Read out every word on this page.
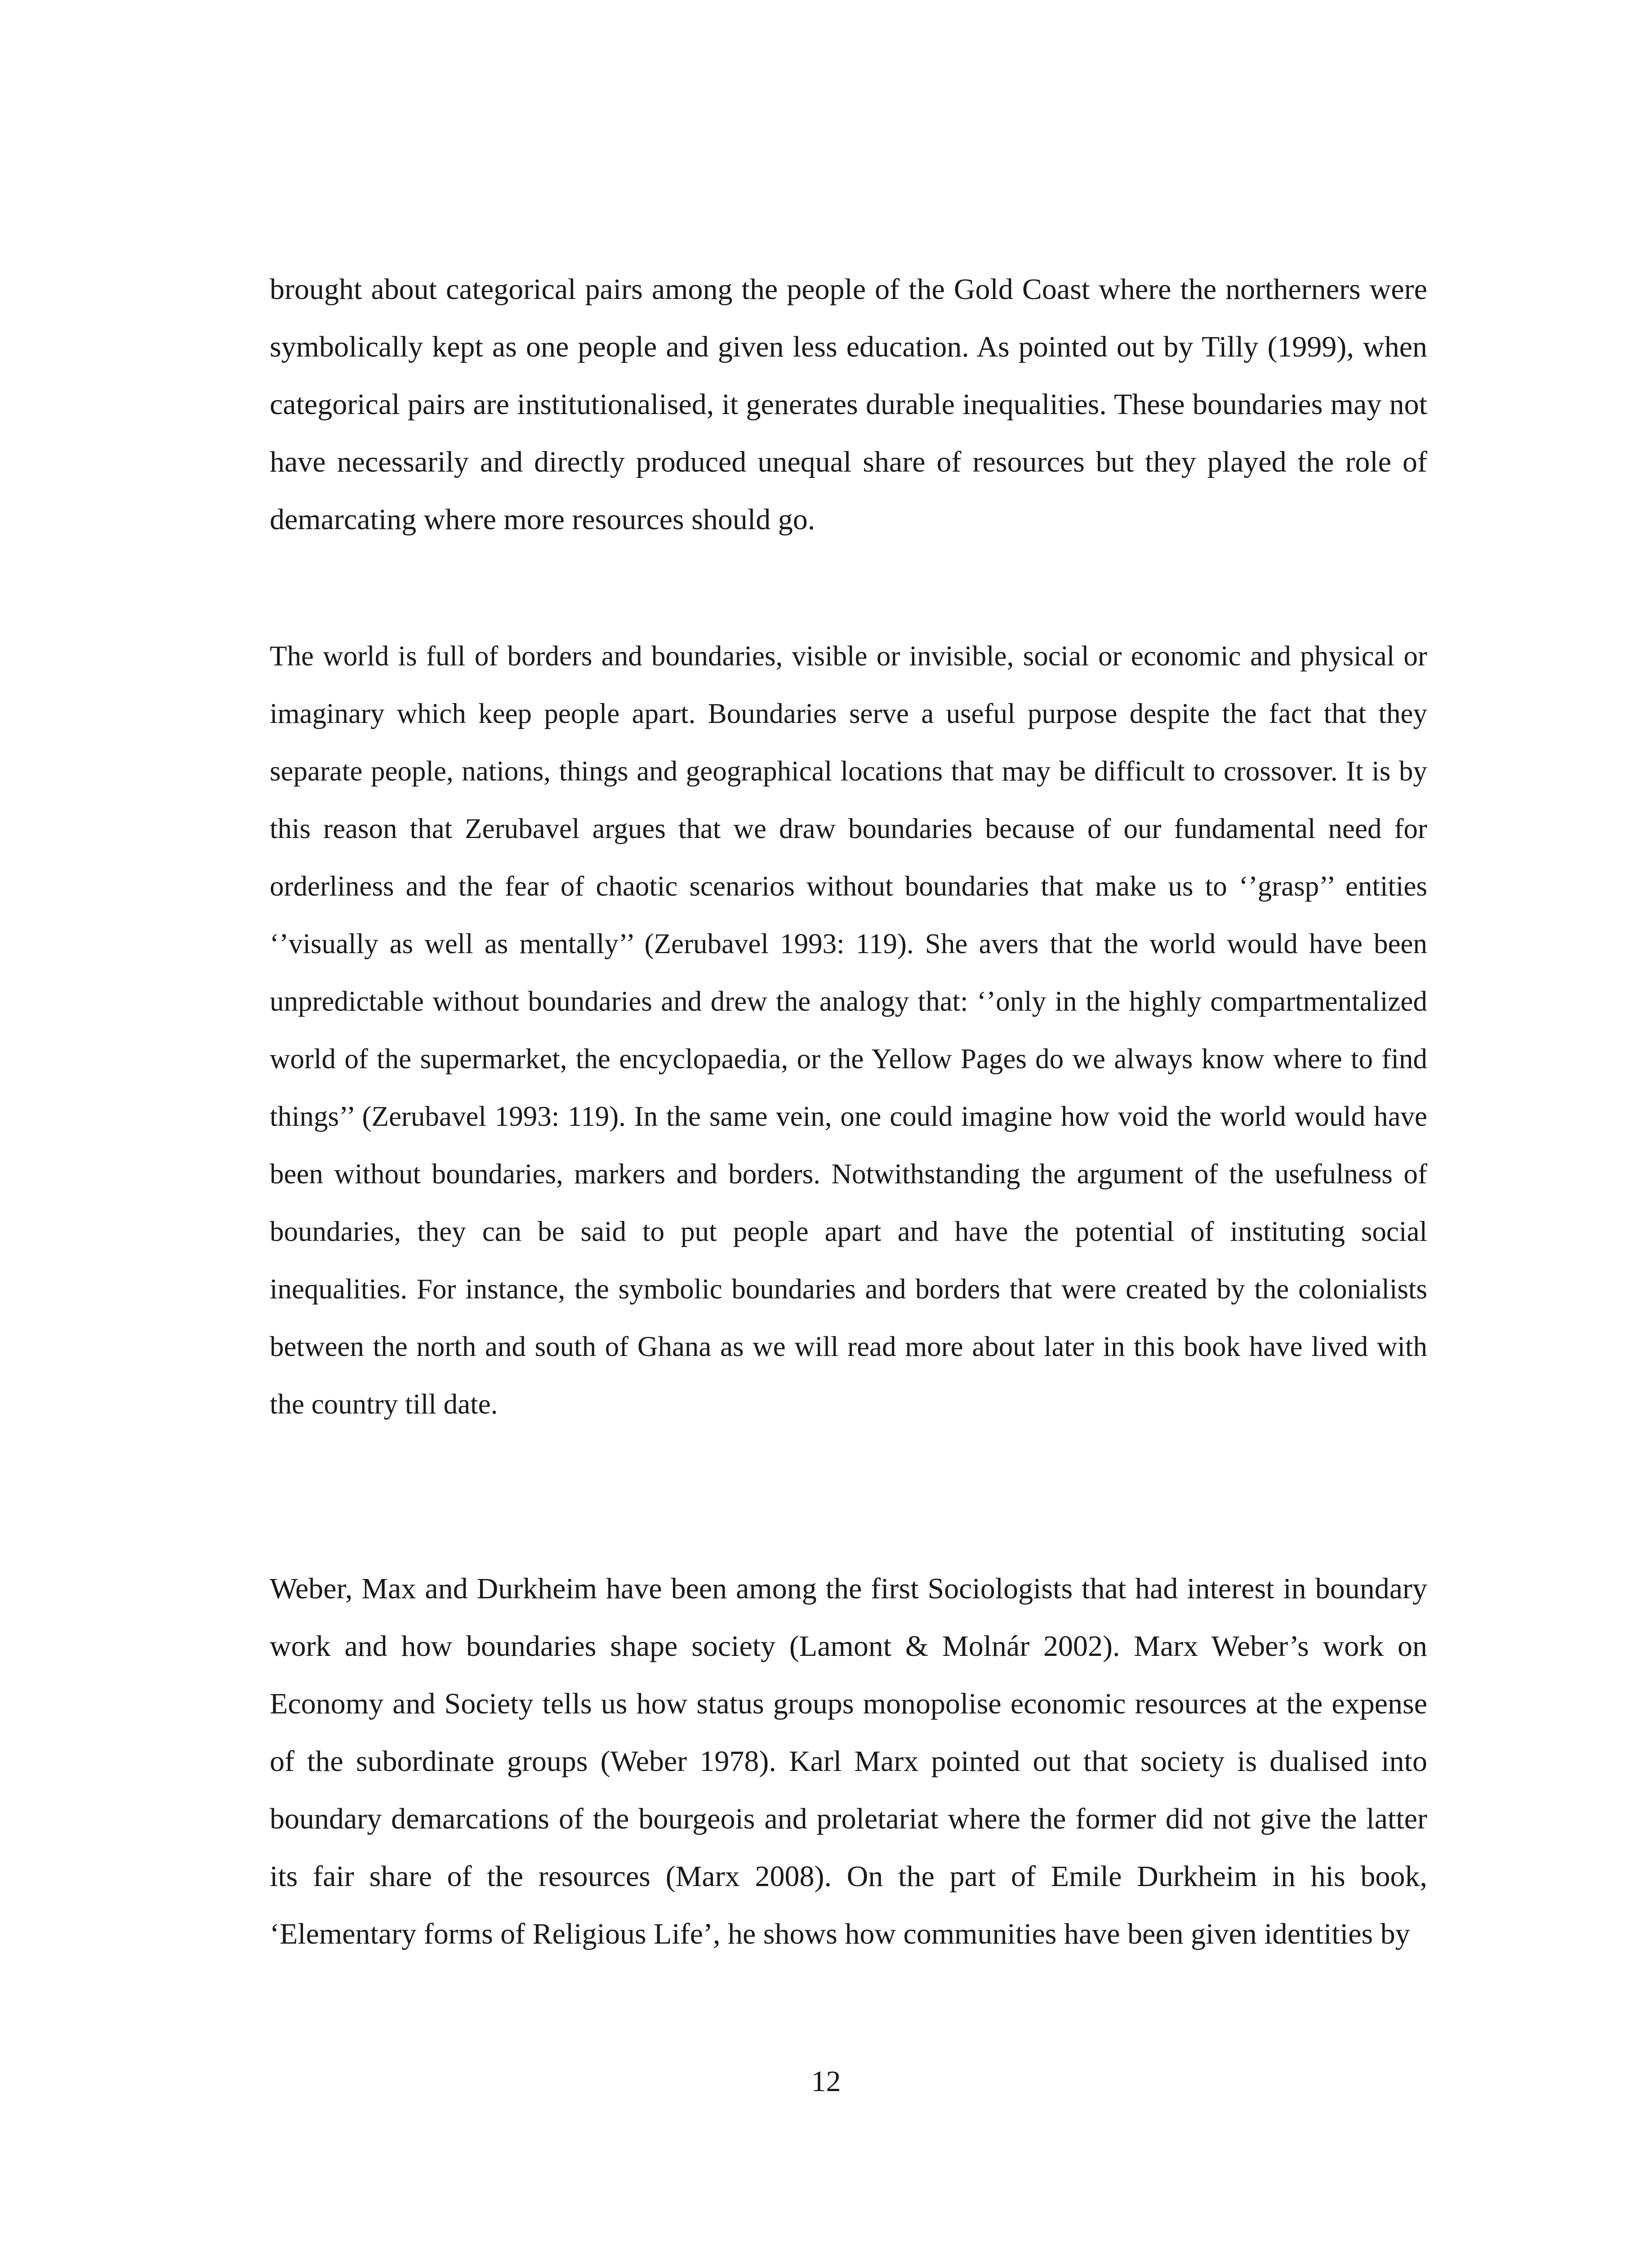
brought about categorical pairs among the people of the Gold Coast where the northerners were symbolically kept as one people and given less education. As pointed out by Tilly (1999), when categorical pairs are institutionalised, it generates durable inequalities. These boundaries may not have necessarily and directly produced unequal share of resources but they played the role of demarcating where more resources should go.

The world is full of borders and boundaries, visible or invisible, social or economic and physical or imaginary which keep people apart. Boundaries serve a useful purpose despite the fact that they separate people, nations, things and geographical locations that may be difficult to crossover. It is by this reason that Zerubavel argues that we draw boundaries because of our fundamental need for orderliness and the fear of chaotic scenarios without boundaries that make us to ‘’grasp’’ entities ‘’visually as well as mentally’’ (Zerubavel 1993: 119). She avers that the world would have been unpredictable without boundaries and drew the analogy that: ‘’only in the highly compartmentalized world of the supermarket, the encyclopaedia, or the Yellow Pages do we always know where to find things’’ (Zerubavel 1993: 119). In the same vein, one could imagine how void the world would have been without boundaries, markers and borders. Notwithstanding the argument of the usefulness of boundaries, they can be said to put people apart and have the potential of instituting social inequalities. For instance, the symbolic boundaries and borders that were created by the colonialists between the north and south of Ghana as we will read more about later in this book have lived with the country till date.

Weber, Max and Durkheim have been among the first Sociologists that had interest in boundary work and how boundaries shape society (Lamont & Molnár 2002). Marx Weber’s work on Economy and Society tells us how status groups monopolise economic resources at the expense of the subordinate groups (Weber 1978). Karl Marx pointed out that society is dualised into boundary demarcations of the bourgeois and proletariat where the former did not give the latter its fair share of the resources (Marx 2008). On the part of Emile Durkheim in his book, ‘Elementary forms of Religious Life’, he shows how communities have been given identities by

12
